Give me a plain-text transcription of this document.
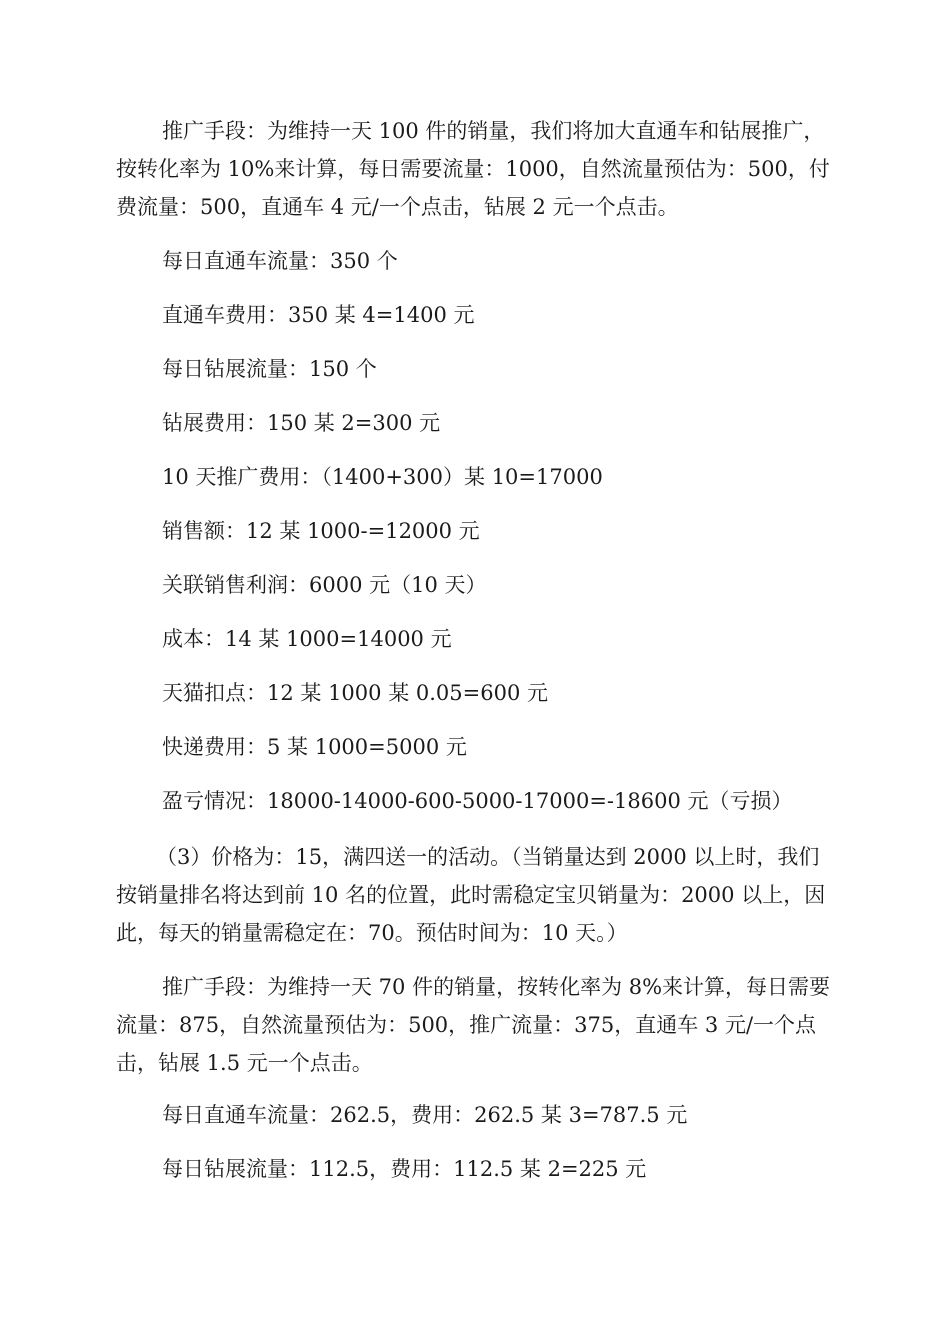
推广手段：为维持一天 100 件的销量，我们将加大直通车和钻展推广，按转化率为 10%来计算，每日需要流量：1000，自然流量预估为：500，付费流量：500，直通车 4 元/一个点击，钻展 2 元一个点击。

每日直通车流量：350 个
直通车费用：350 某 4=1400 元
每日钻展流量：150 个
钻展费用：150 某 2=300 元
10 天推广费用：（1400+300）某 10=17000
销售额：12 某 1000-=12000 元
关联销售利润：6000 元（10 天）
成本：14 某 1000=14000 元
天猫扣点：12 某 1000 某 0.05=600 元
快递费用：5 某 1000=5000 元
盈亏情况：18000-14000-600-5000-17000=-18600 元（亏损）

（3）价格为：15，满四送一的活动。（当销量达到 2000 以上时，我们按销量排名将达到前 10 名的位置，此时需稳定宝贝销量为：2000 以上，因此，每天的销量需稳定在：70。预估时间为：10 天。）

推广手段：为维持一天 70 件的销量，按转化率为 8%来计算，每日需要流量：875，自然流量预估为：500，推广流量：375，直通车 3 元/一个点击，钻展 1.5 元一个点击。

每日直通车流量：262.5，费用：262.5 某 3=787.5 元
每日钻展流量：112.5，费用：112.5 某 2=225 元
